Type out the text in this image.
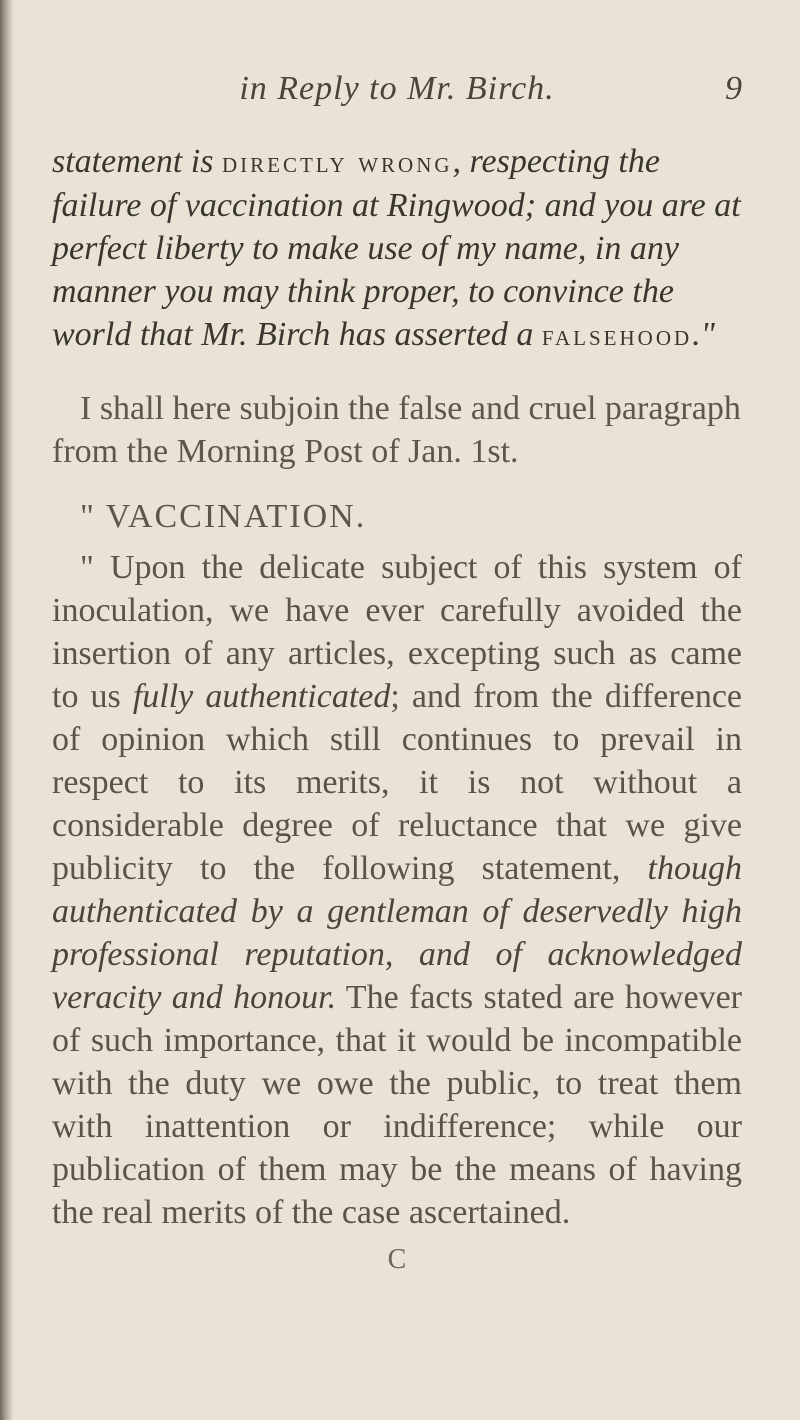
in Reply to Mr. Birch.	9

statement is directly wrong, respecting the failure of vaccination at Ringwood; and you are at perfect liberty to make use of my name, in any manner you may think proper, to convince the world that Mr. Birch has asserted a falsehood."

I shall here subjoin the false and cruel paragraph from the Morning Post of Jan. 1st.

" VACCINATION.

" Upon the delicate subject of this system of inoculation, we have ever carefully avoided the insertion of any articles, excepting such as came to us fully authenticated; and from the difference of opinion which still continues to prevail in respect to its merits, it is not without a considerable degree of reluctance that we give publicity to the following statement, though authenticated by a gentleman of deservedly high professional reputation, and of acknowledged veracity and honour. The facts stated are however of such importance, that it would be incompatible with the duty we owe the public, to treat them with inattention or indifference; while our publication of them may be the means of having the real merits of the case ascertained.

C
